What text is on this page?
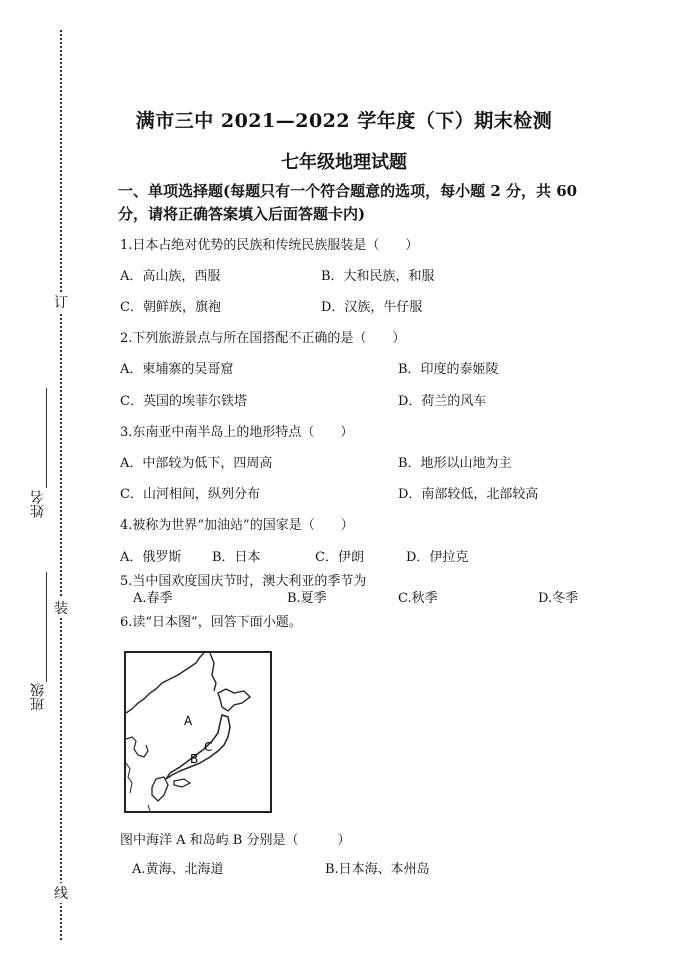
订
姓名
装
班级
线
满市三中 2021—2022 学年度（下）期末检测
七年级地理试题
一、单项选择题(每题只有一个符合题意的选项，每小题 2 分，共 60 分，请将正确答案填入后面答题卡内)
1.日本占绝对优势的民族和传统民族服装是（　　）
A．高山族，西服	B．大和民族，和服
C．朝鲜族，旗袍	D．汉族，牛仔服
2.下列旅游景点与所在国搭配不正确的是（　　）
A．柬埔寨的吴哥窟	B．印度的泰姬陵
C．英国的埃菲尔铁塔	D．荷兰的风车
3.东南亚中南半岛上的地形特点（　　）
A．中部较为低下，四周高	B．地形以山地为主
C．山河相间，纵列分布	D．南部较低，北部较高
4.被称为世界“加油站”的国家是（　　）
A．俄罗斯 B．日本	C．伊朗	D．伊拉克
5.当中国欢度国庆节时，澳大利亚的季节为
A.春季	B.夏季	C.秋季	D.冬季
6.读“日本图”，回答下面小题。
A
B
C
图中海洋 A 和岛屿 B 分别是（　　　）
A.黄海、北海道	B.日本海、本州岛
